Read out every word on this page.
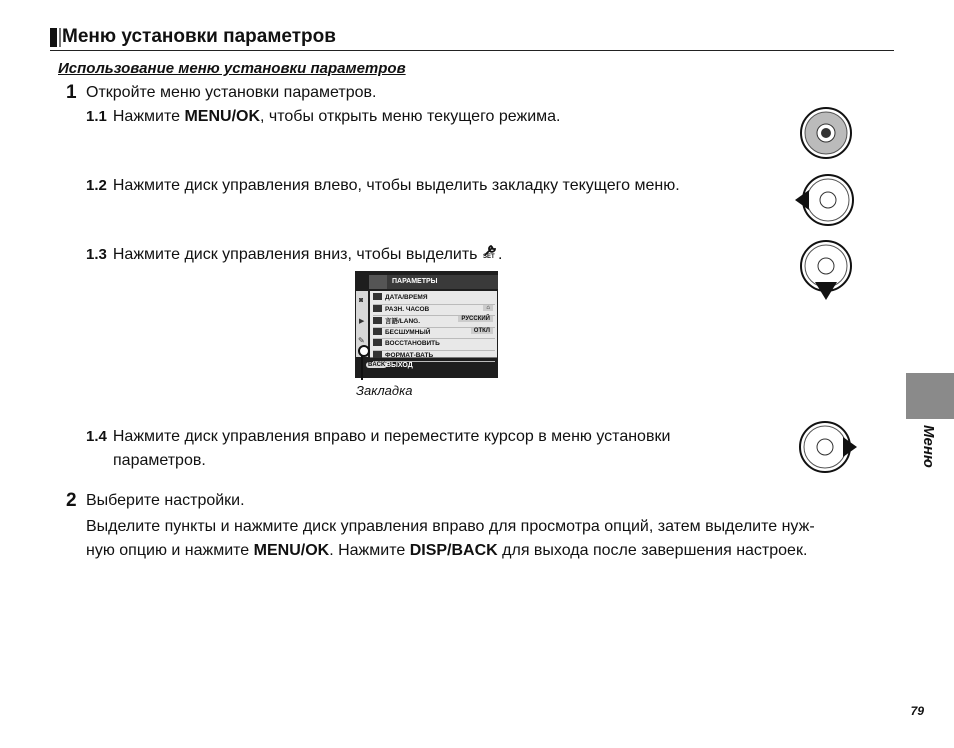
Меню установки параметров
Использование меню установки параметров
1 Откройте меню установки параметров.
1.1 Нажмите MENU/OK, чтобы открыть меню текущего режима.
1.2 Нажмите диск управления влево, чтобы выделить закладку текущего меню.
1.3 Нажмите диск управления вниз, чтобы выделить SET .
ПАРАМЕТРЫ
◙
▶
✎
ДАТА/ВРЕМЯ
РАЗН. ЧАСОВ	⌂
言語/LANG.	РУССКИЙ
БЕСШУМНЫЙ	ОТКЛ
ВОССТАНОВИТЬ
ФОРМАТ-ВАТЬ
BACK ВЫХОД
Закладка
1.4 Нажмите диск управления вправо и переместите курсор в меню установки
параметров.
2 Выберите настройки.
Выделите пункты и нажмите диск управления вправо для просмотра опций, затем выделите нуж-
ную опцию и нажмите MENU/OK. Нажмите DISP/BACK для выхода после завершения настроек.
Меню
79
